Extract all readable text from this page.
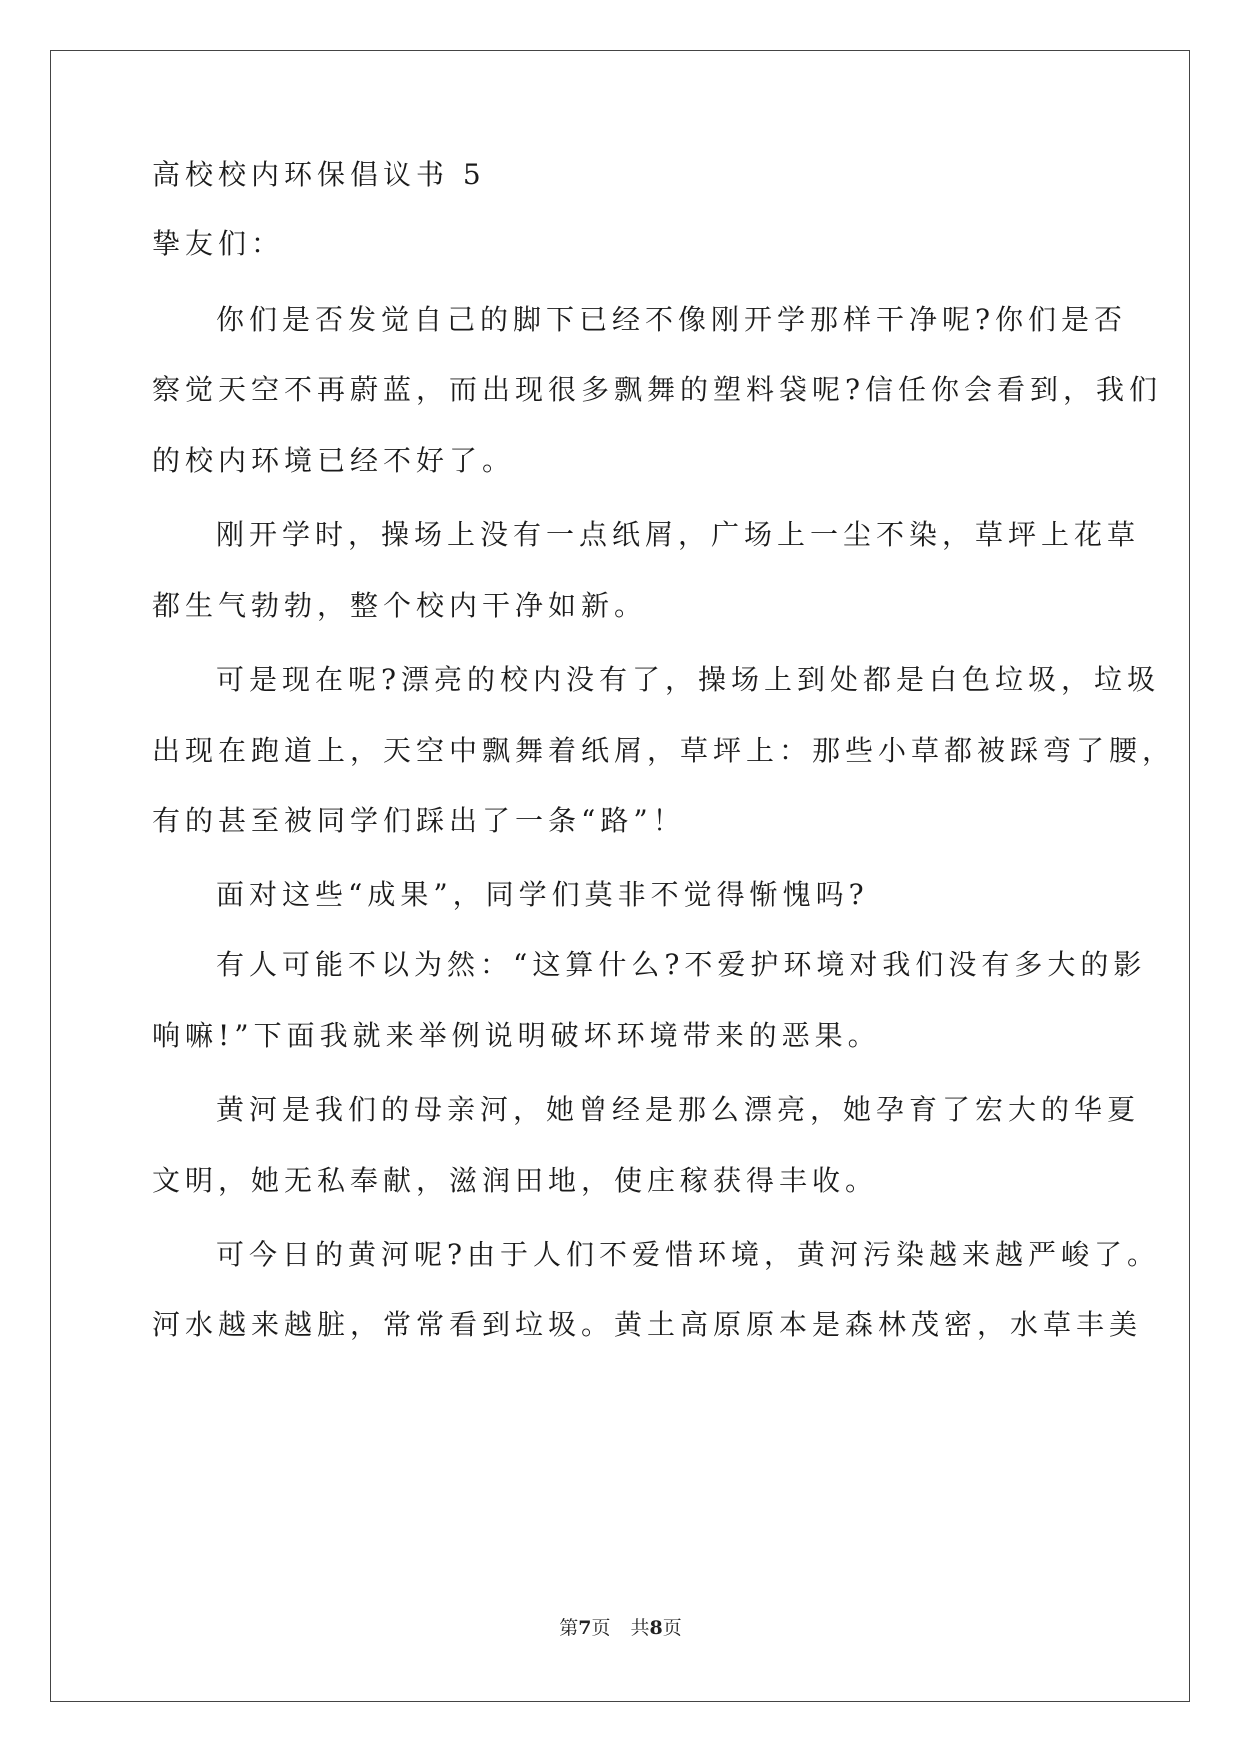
高校校内环保倡议书 5
挚友们：
你们是否发觉自己的脚下已经不像刚开学那样干净呢?你们是否
察觉天空不再蔚蓝，而出现很多飘舞的塑料袋呢?信任你会看到，我们
的校内环境已经不好了。
刚开学时，操场上没有一点纸屑，广场上一尘不染，草坪上花草
都生气勃勃，整个校内干净如新。
可是现在呢?漂亮的校内没有了，操场上到处都是白色垃圾，垃圾
出现在跑道上，天空中飘舞着纸屑，草坪上：那些小草都被踩弯了腰，
有的甚至被同学们踩出了一条“路”！
面对这些“成果”，同学们莫非不觉得惭愧吗?
有人可能不以为然：“这算什么?不爱护环境对我们没有多大的影
响嘛!”下面我就来举例说明破坏环境带来的恶果。
黄河是我们的母亲河，她曾经是那么漂亮，她孕育了宏大的华夏
文明，她无私奉献，滋润田地，使庄稼获得丰收。
可今日的黄河呢?由于人们不爱惜环境，黄河污染越来越严峻了。
河水越来越脏，常常看到垃圾。黄土高原原本是森林茂密，水草丰美
第7页 共8页
